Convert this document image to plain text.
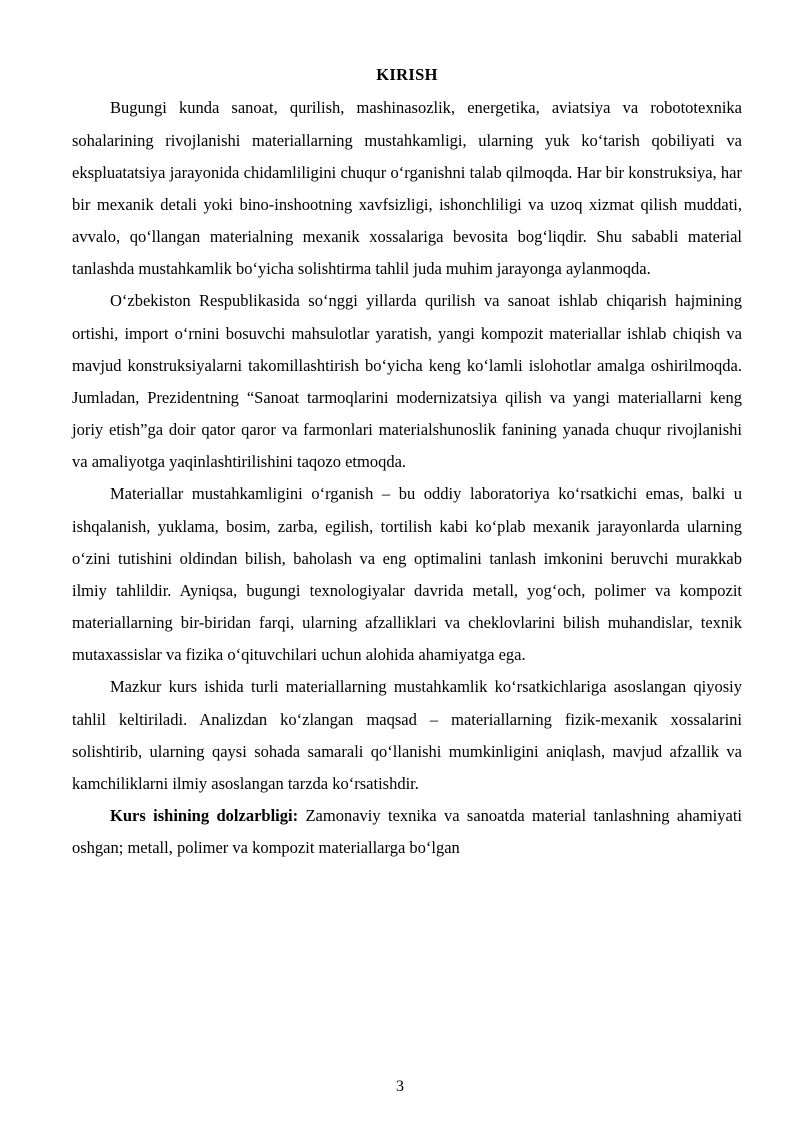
KIRISH

Bugungi kunda sanoat, qurilish, mashinasozlik, energetika, aviatsiya va robototexnika sohalarining rivojlanishi materiallarning mustahkamligi, ularning yuk ko‘tarish qobiliyati va ekspluatatsiya jarayonida chidamliligini chuqur o‘rganishni talab qilmoqda. Har bir konstruksiya, har bir mexanik detali yoki bino-inshootning xavfsizligi, ishonchliligi va uzoq xizmat qilish muddati, avvalo, qo‘llangan materialning mexanik xossalariga bevosita bog‘liqdir. Shu sababli material tanlashda mustahkamlik bo‘yicha solishtirma tahlil juda muhim jarayonga aylanmoqda.

O‘zbekiston Respublikasida so‘nggi yillarda qurilish va sanoat ishlab chiqarish hajmining ortishi, import o‘rnini bosuvchi mahsulotlar yaratish, yangi kompozit materiallar ishlab chiqish va mavjud konstruksiyalarni takomillashtirish bo‘yicha keng ko‘lamli islohotlar amalga oshirilmoqda. Jumladan, Prezidentning “Sanoat tarmoqlarini modernizatsiya qilish va yangi materiallarni keng joriy etish”ga doir qator qaror va farmonlari materialshunoslik fanining yanada chuqur rivojlanishi va amaliyotga yaqinlashtirilishini taqozo etmoqda.

Materiallar mustahkamligini o‘rganish – bu oddiy laboratoriya ko‘rsatkichi emas, balki u ishqalanish, yuklama, bosim, zarba, egilish, tortilish kabi ko‘plab mexanik jarayonlarda ularning o‘zini tutishini oldindan bilish, baholash va eng optimalini tanlash imkonini beruvchi murakkab ilmiy tahlildir. Ayniqsa, bugungi texnologiyalar davrida metall, yog‘och, polimer va kompozit materiallarning bir-biridan farqi, ularning afzalliklari va cheklovlarini bilish muhandislar, texnik mutaxassislar va fizika o‘qituvchilari uchun alohida ahamiyatga ega.

Mazkur kurs ishida turli materiallarning mustahkamlik ko‘rsatkichlariga asoslangan qiyosiy tahlil keltiriladi. Analizdan ko‘zlangan maqsad – materiallarning fizik-mexanik xossalarini solishtirib, ularning qaysi sohada samarali qo‘llanishi mumkinligini aniqlash, mavjud afzallik va kamchiliklarni ilmiy asoslangan tarzda ko‘rsatishdir.

Kurs ishining dolzarbligi: Zamonaviy texnika va sanoatda material tanlashning ahamiyati oshgan; metall, polimer va kompozit materiallarga bo‘lgan

3
